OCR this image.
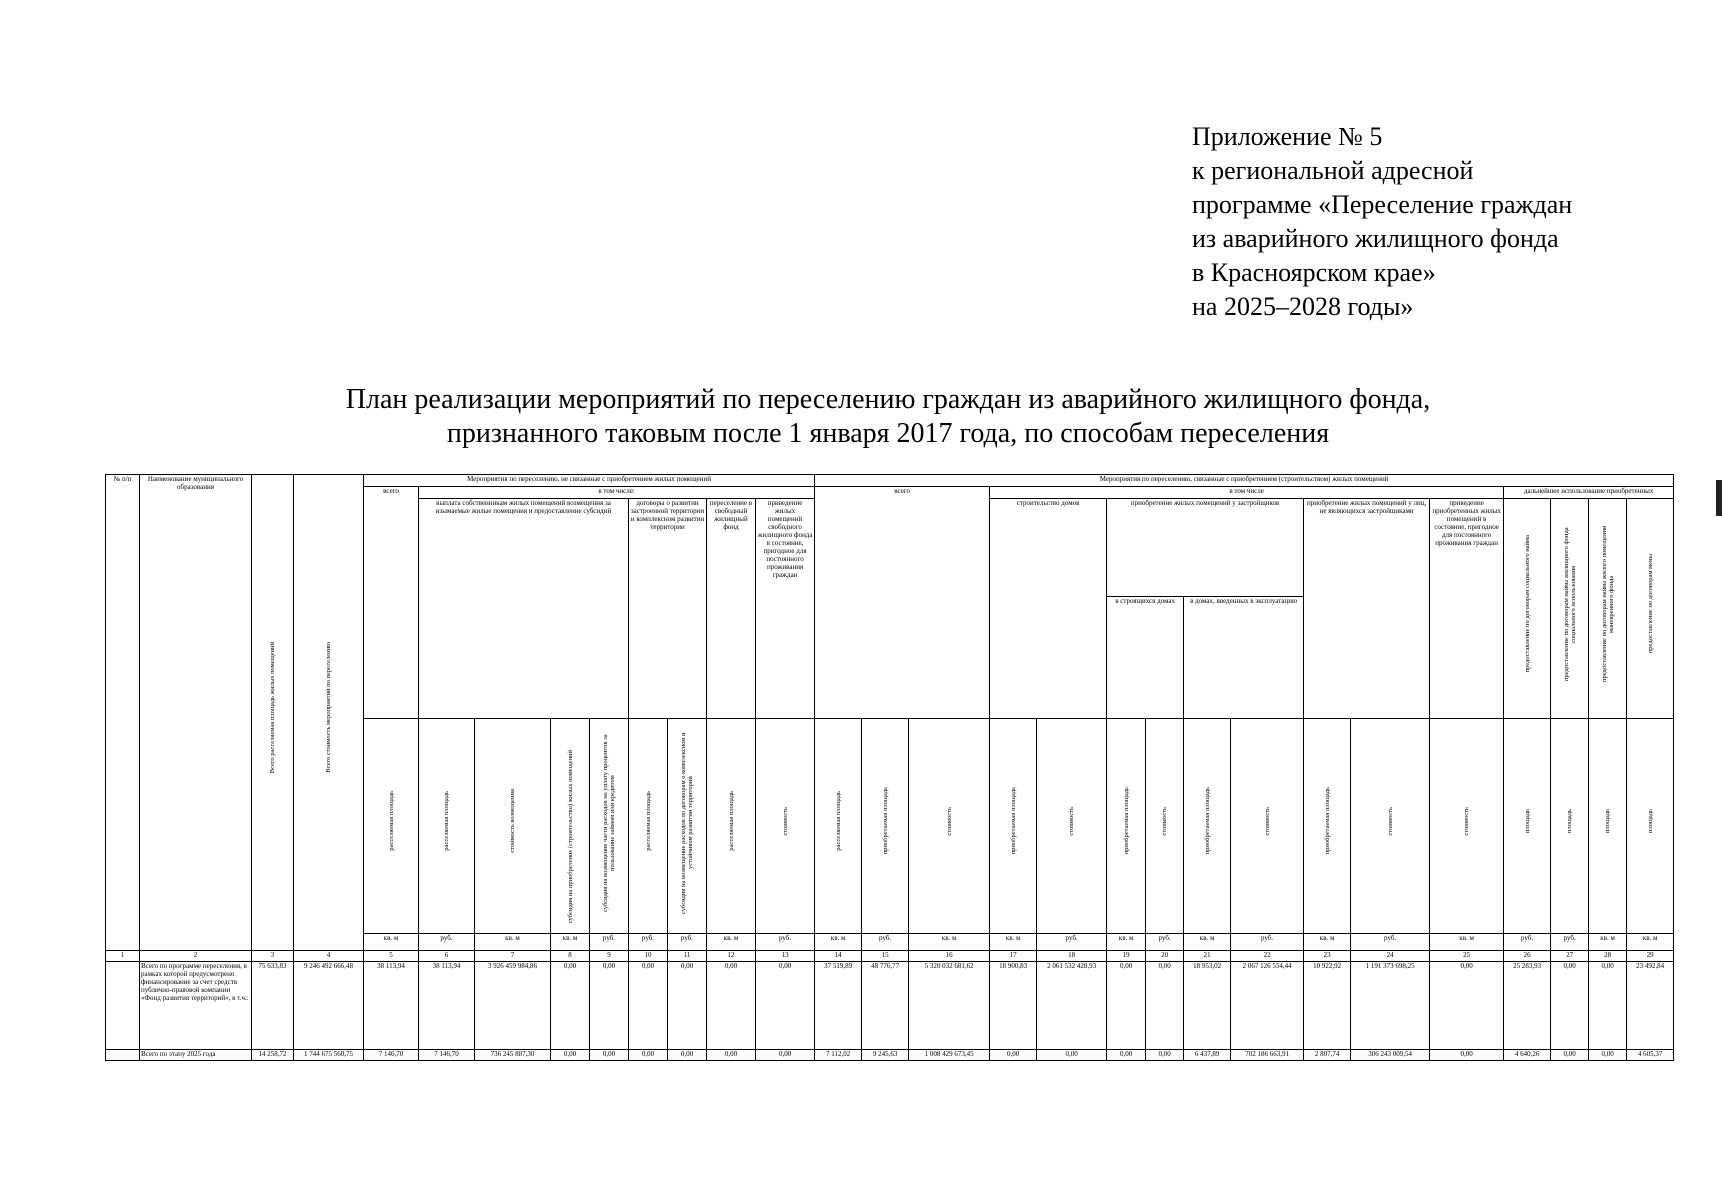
Приложение № 5
к региональной адресной
программе «Переселение граждан
из аварийного жилищного фонда
в Красноярском крае»
на 2025–2028 годы»
План реализации мероприятий по переселению граждан из аварийного жилищного фонда,
признанного таковым после 1 января 2017 года, по способам переселения
№ п/п	Наименование муниципального образования	Всего расселяемая площадь жилых помещений	Всего стоимость мероприятий по переселению	Мероприятия по переселению, не связанные с приобретением жилых помещений									Мероприятия по переселению, связанные с приобретением (строительством) жилых помещений																
				всего	в том числе:								всего			в том числе									дальнейшее использование приобретенных				
					выплата собственникам жилых помещений возмещения за изымаемые жилые помещения и предоставление субсидий				договоры о развитии застроенной территории и комплексном развитии территории		переселение в свободный жилищный фонд	приведение жилых помещений свободного жилищного фонда в состояние, пригодное для постоянного проживания граждан				строительство домов		приобретение жилых помещений у застройщиков				приобретение жилых помещений у лиц, не являющихся застройщиками		приведение приобретенных жилых помещений в состояние, пригодное для постоянного проживания граждан	предоставление по договорам социального найма	предоставление по договорам найма жилищного фонда социального использования	предоставление по договорам найма жилого помещения маневренного фонда	предоставление по договорам мены	
																		в строящихся домах		в домах, введенных в эксплуатацию									
				расселяемая площадь	расселяемая площадь	стоимость возмещения	субсидия на приобретение (строительство) жилых помещений	субсидия на возмещение части расходов на уплату процентов за пользование займом или кредитом	расселяемая площадь	субсидия на возмещение расходов по договорам о комплексном и устойчивом развитии территорий	расселяемая площадь	стоимость	расселяемая площадь	приобретаемая площадь	стоимость	приобретаемая площадь	стоимость	приобретаемая площадь	стоимость	приобретаемая площадь	стоимость	приобретаемая площадь	стоимость	стоимость	площадь	площадь	площадь	площадь	
				кв. м	руб.	кв. м	кв. м	руб.	руб.	руб.	кв. м	руб.	кв. м	руб.	кв. м	кв. м	руб.	кв. м	руб.	кв. м	руб.	кв. м	руб.	кв. м	руб.	руб.	кв. м	кв. м		
1	2	3	4	5	6	7	8	9	10	11	12	13	14	15	16	17	18	19	20	21	22	23	24	25	26	27	28	29	
	Всего по программе переселения, в рамках которой предусмотрено финансирование за счет средств публично-правовой компании «Фонд развития территорий», в т.ч.:	75 633,83	9 246 492 666,48	38 113,94	38 113,94	3 926 459 984,86	0,00	0,00	0,00	0,00	0,00	0,00	37 519,89	48 776,77	5 320 032 681,62	18 900,83	2 061 532 428,93	0,00	0,00	18 953,02	2 067 126 554,44	10 922,92	1 191 373 698,25	0,00	25 283,93	0,00	0,00	23 492,84	
	Всего по этапу 2025 года	14 258,72	1 744 675 560,75	7 146,70	7 146,70	736 245 887,30	0,00	0,00	0,00	0,00	0,00	0,00	7 112,02	9 245,63	1 008 429 673,45	0,00	0,00	0,00	0,00	6 437,89	702 186 663,91	2 807,74	306 243 009,54	0,00	4 640,26	0,00	0,00	4 605,37	
